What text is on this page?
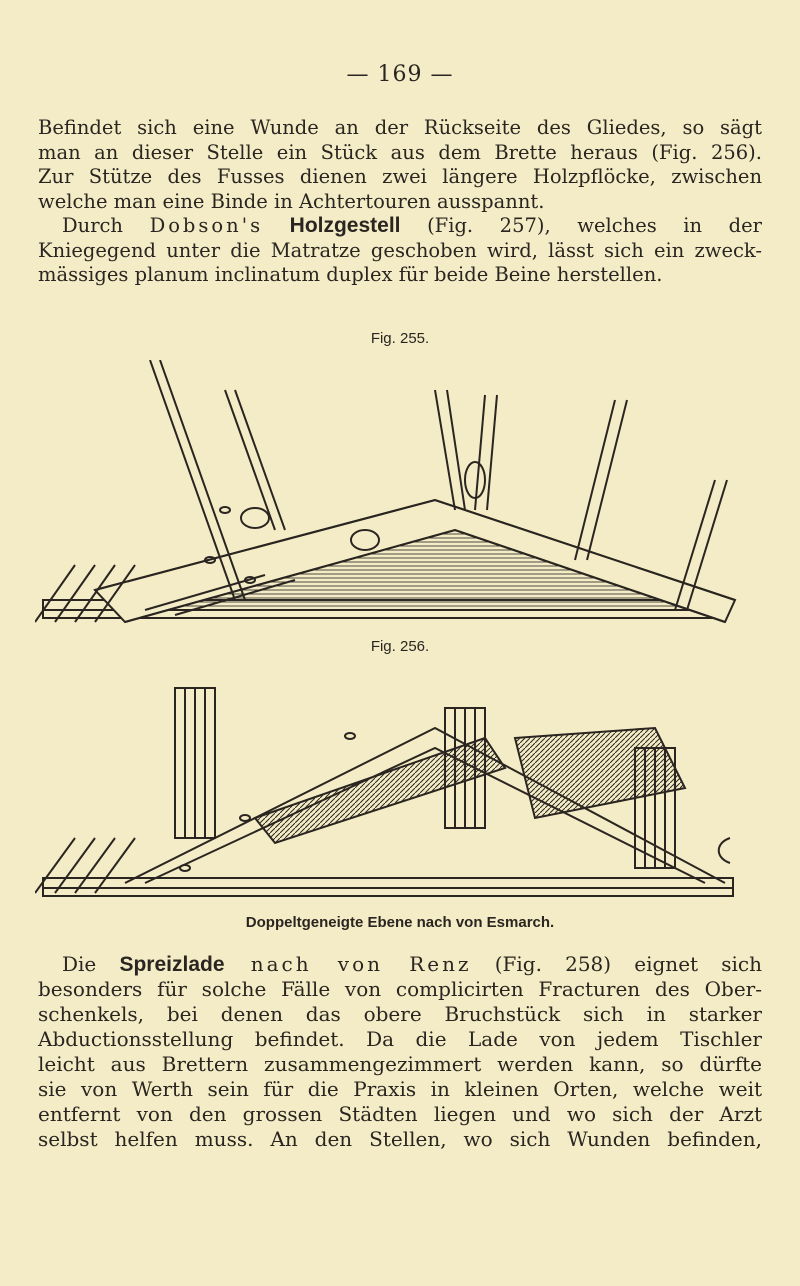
— 169 —
Befindet sich eine Wunde an der Rückseite des Gliedes, so sägt
man an dieser Stelle ein Stück aus dem Brette heraus (Fig. 256).
Zur Stütze des Fusses dienen zwei längere Holzpflöcke, zwischen
welche man eine Binde in Achtertouren ausspannt.
Durch Dobson's Holzgestell (Fig. 257), welches in der
Kniegegend unter die Matratze geschoben wird, lässt sich ein zweck-
mässiges planum inclinatum duplex für beide Beine herstellen.
Fig. 255.
Fig. 256.
Doppeltgeneigte Ebene nach von Esmarch.
Die Spreizlade nach von Renz (Fig. 258) eignet sich
besonders für solche Fälle von complicirten Fracturen des Ober-
schenkels, bei denen das obere Bruchstück sich in starker
Abductionsstellung befindet. Da die Lade von jedem Tischler
leicht aus Brettern zusammengezimmert werden kann, so dürfte
sie von Werth sein für die Praxis in kleinen Orten, welche weit
entfernt von den grossen Städten liegen und wo sich der Arzt
selbst helfen muss. An den Stellen, wo sich Wunden befinden,
